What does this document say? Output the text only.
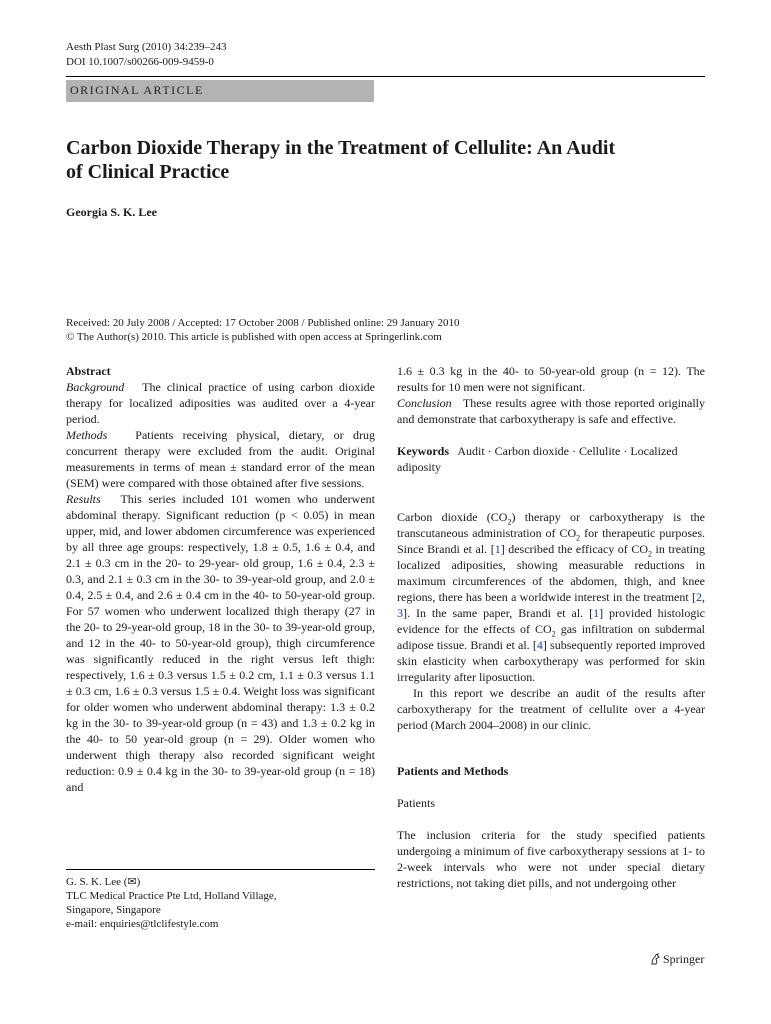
Aesth Plast Surg (2010) 34:239–243
DOI 10.1007/s00266-009-9459-0
ORIGINAL ARTICLE
Carbon Dioxide Therapy in the Treatment of Cellulite: An Audit
of Clinical Practice
Georgia S. K. Lee
Received: 20 July 2008 / Accepted: 17 October 2008 / Published online: 29 January 2010
© The Author(s) 2010. This article is published with open access at Springerlink.com

Abstract

Background The clinical practice of using carbon dioxide therapy for localized adiposities was audited over a 4-year period.

Methods Patients receiving physical, dietary, or drug concurrent therapy were excluded from the audit. Original measurements in terms of mean ± standard error of the mean (SEM) were compared with those obtained after five sessions.

Results This series included 101 women who underwent abdominal therapy. Significant reduction (p < 0.05) in mean upper, mid, and lower abdomen circumference was experienced by all three age groups: respectively, 1.8 ± 0.5, 1.6 ± 0.4, and 2.1 ± 0.3 cm in the 20- to 29-year- old group, 1.6 ± 0.4, 2.3 ± 0.3, and 2.1 ± 0.3 cm in the 30- to 39-year-old group, and 2.0 ± 0.4, 2.5 ± 0.4, and 2.6 ± 0.4 cm in the 40- to 50-year-old group. For 57 women who underwent localized thigh therapy (27 in the 20- to 29-year-old group, 18 in the 30- to 39-year-old group, and 12 in the 40- to 50-year-old group), thigh circumference was significantly reduced in the right versus left thigh: respectively, 1.6 ± 0.3 versus 1.5 ± 0.2 cm, 1.1 ± 0.3 versus 1.1 ± 0.3 cm, 1.6 ± 0.3 versus 1.5 ± 0.4. Weight loss was significant for older women who underwent abdominal therapy: 1.3 ± 0.2 kg in the 30- to 39-year-old group (n = 43) and 1.3 ± 0.2 kg in the 40- to 50 year-old group (n = 29). Older women who underwent thigh therapy also recorded significant weight reduction: 0.9 ± 0.4 kg in the 30- to 39-year-old group (n = 18) and

1.6 ± 0.3 kg in the 40- to 50-year-old group (n = 12). The results for 10 men were not significant.

Conclusion These results agree with those reported originally and demonstrate that carboxytherapy is safe and effective.

Keywords Audit · Carbon dioxide · Cellulite · Localized adiposity

Carbon dioxide $(CO_2)$ therapy or carboxytherapy is the transcutaneous administration of $CO_2$ for therapeutic purposes. Since Brandi et al. [1] described the efficacy of $CO_2$ in treating localized adiposities, showing measurable reductions in maximum circumferences of the abdomen, thigh, and knee regions, there has been a worldwide interest in the treatment [2, 3]. In the same paper, Brandi et al. [1] provided histologic evidence for the effects of $CO_2$ gas infiltration on subdermal adipose tissue. Brandi et al. [4] subsequently reported improved skin elasticity when carboxytherapy was performed for skin irregularity after liposuction.

In this report we describe an audit of the results after carboxytherapy for the treatment of cellulite over a 4-year period (March 2004–2008) in our clinic.

Patients and Methods

Patients

The inclusion criteria for the study specified patients undergoing a minimum of five carboxytherapy sessions at 1- to 2-week intervals who were not under special dietary restrictions, not taking diet pills, and not undergoing other

G. S. K. Lee (✉)
TLC Medical Practice Pte Ltd, Holland Village,
Singapore, Singapore
e-mail: enquiries@tlclifestyle.com
Springer
